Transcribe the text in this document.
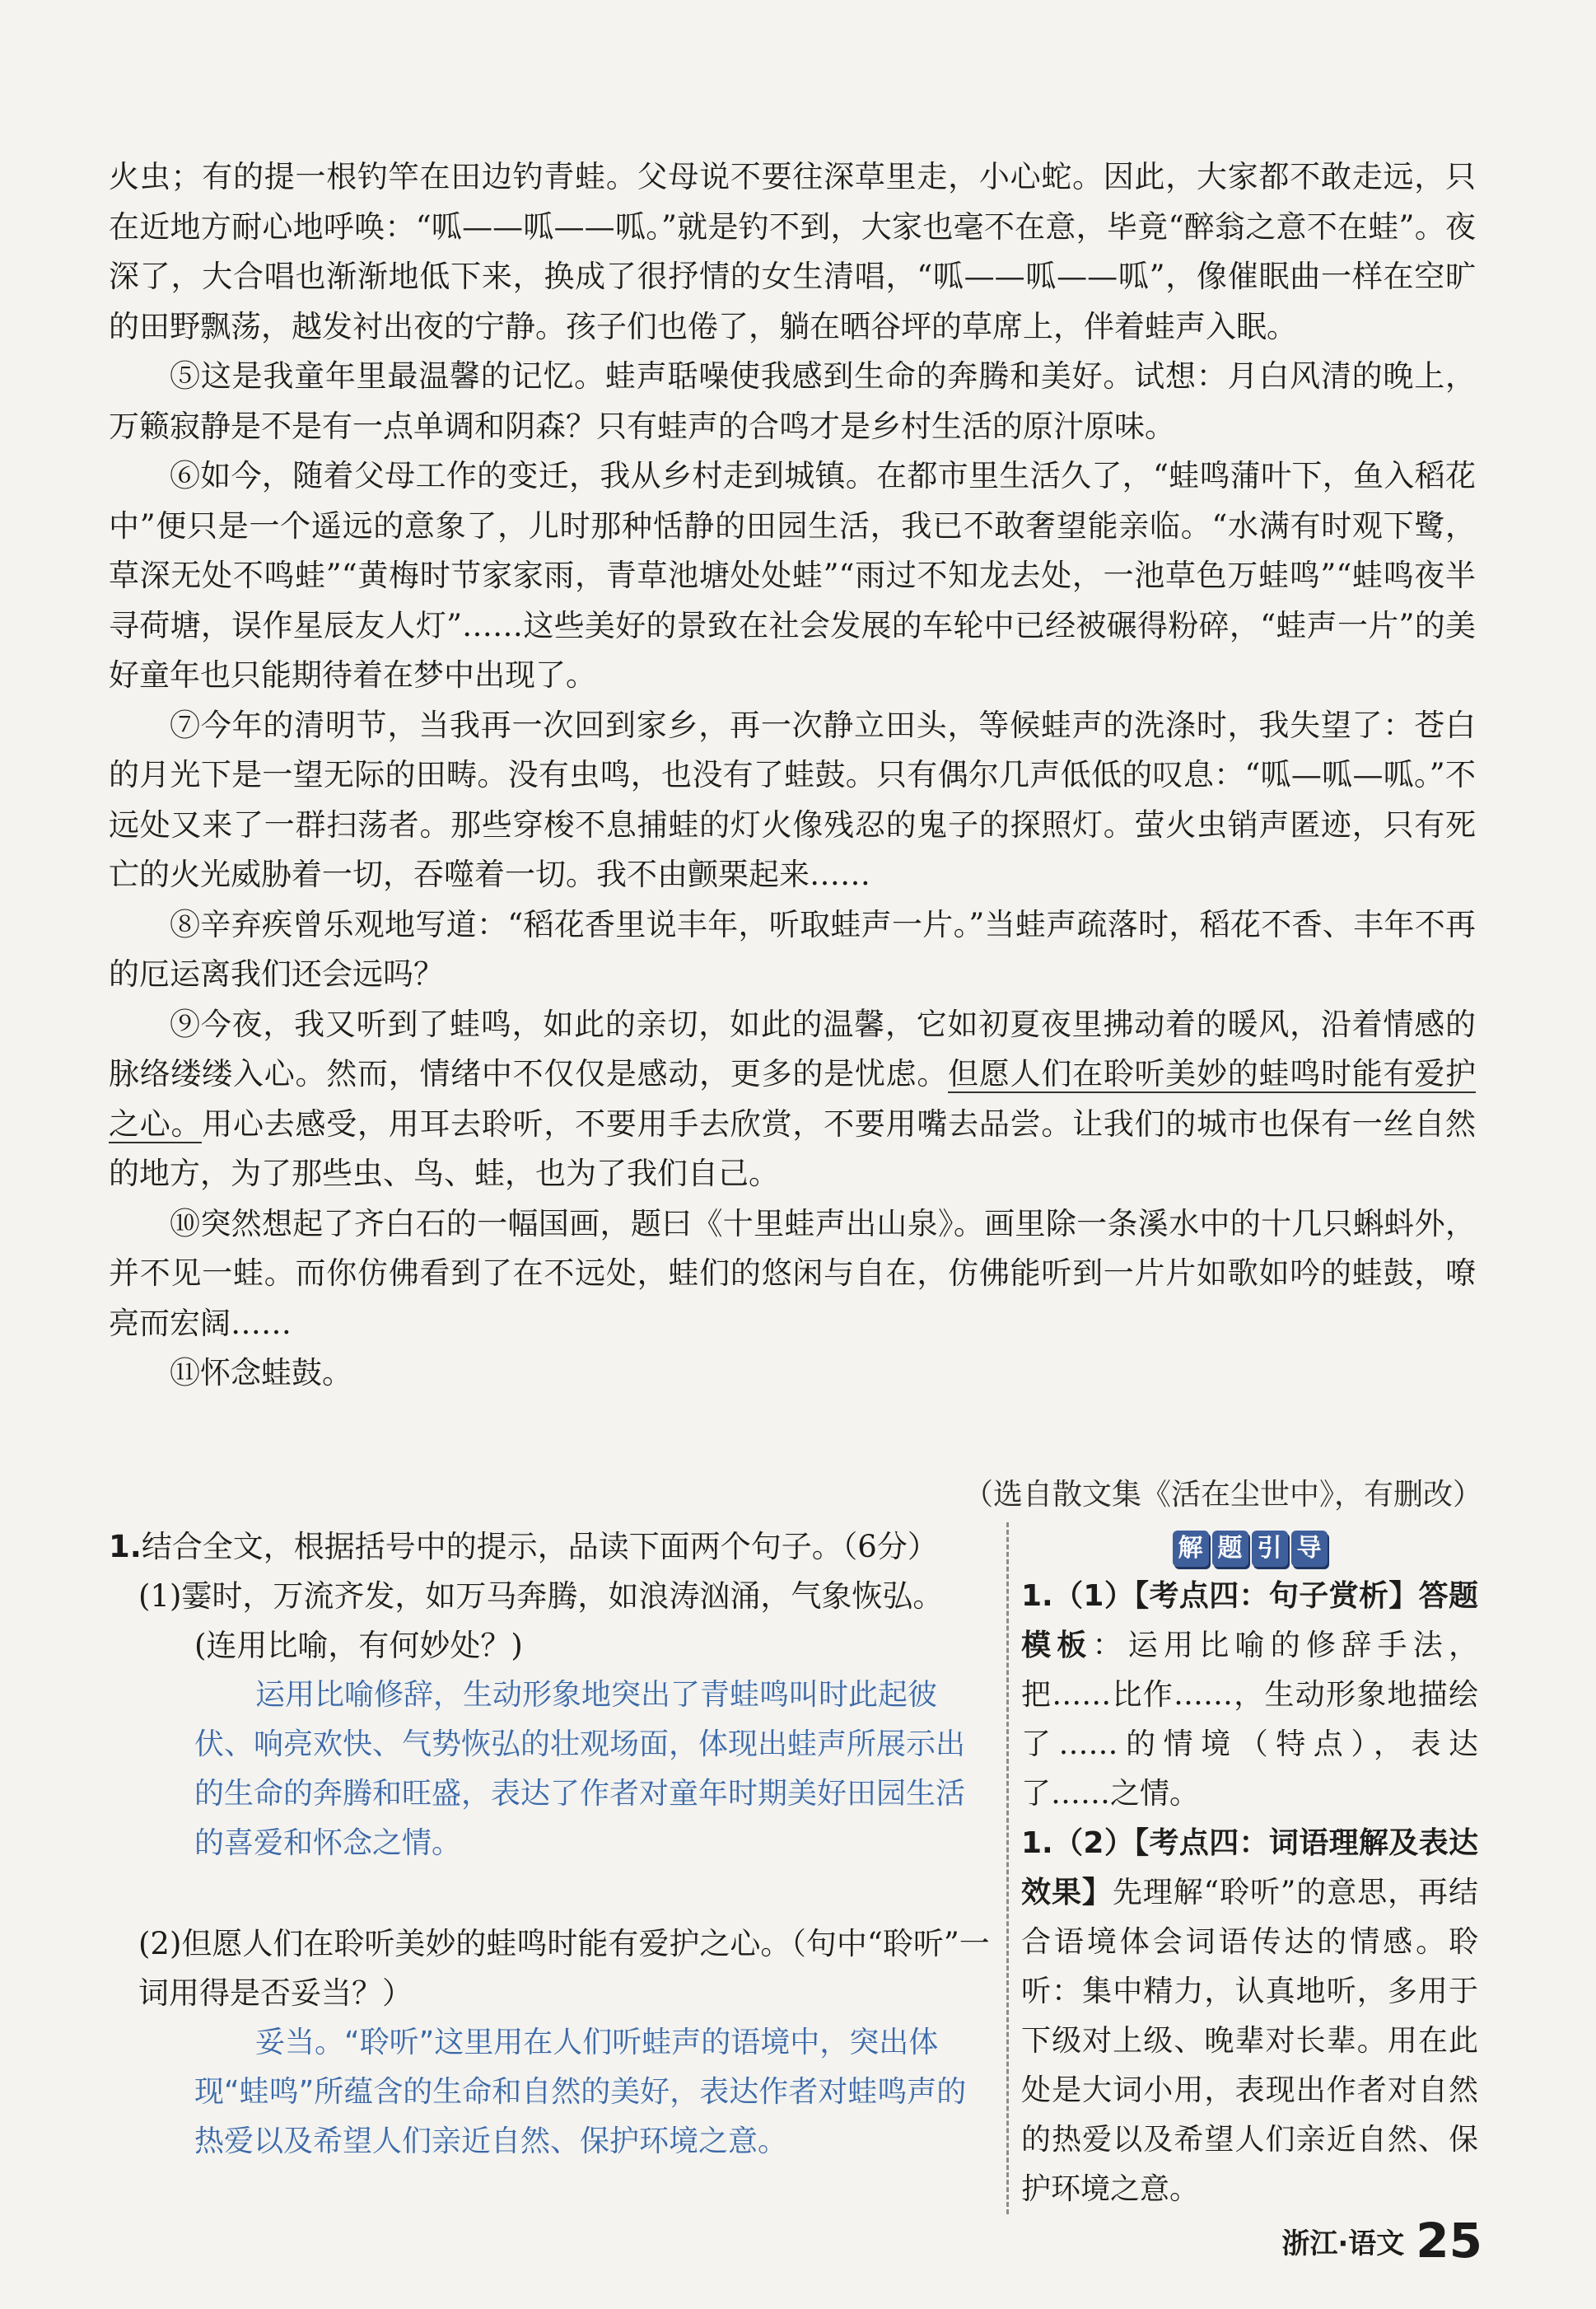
火虫；有的提一根钓竿在田边钓青蛙。父母说不要往深草里走，小心蛇。因此，大家都不敢走远，只在近地方耐心地呼唤：“呱——呱——呱。”就是钓不到，大家也毫不在意，毕竟“醉翁之意不在蛙”。夜深了，大合唱也渐渐地低下来，换成了很抒情的女生清唱，“呱——呱——呱”，像催眠曲一样在空旷的田野飘荡，越发衬出夜的宁静。孩子们也倦了，躺在晒谷坪的草席上，伴着蛙声入眠。

⑤这是我童年里最温馨的记忆。蛙声聒噪使我感到生命的奔腾和美好。试想：月白风清的晚上，万籁寂静是不是有一点单调和阴森？只有蛙声的合鸣才是乡村生活的原汁原味。

⑥如今，随着父母工作的变迁，我从乡村走到城镇。在都市里生活久了，“蛙鸣蒲叶下，鱼入稻花中”便只是一个遥远的意象了，儿时那种恬静的田园生活，我已不敢奢望能亲临。“水满有时观下鹭，草深无处不鸣蛙”“黄梅时节家家雨，青草池塘处处蛙”“雨过不知龙去处，一池草色万蛙鸣”“蛙鸣夜半寻荷塘，误作星辰友人灯”……这些美好的景致在社会发展的车轮中已经被碾得粉碎，“蛙声一片”的美好童年也只能期待着在梦中出现了。

⑦今年的清明节，当我再一次回到家乡，再一次静立田头，等候蛙声的洗涤时，我失望了：苍白的月光下是一望无际的田畴。没有虫鸣，也没有了蛙鼓。只有偶尔几声低低的叹息：“呱—呱—呱。”不远处又来了一群扫荡者。那些穿梭不息捕蛙的灯火像残忍的鬼子的探照灯。萤火虫销声匿迹，只有死亡的火光威胁着一切，吞噬着一切。我不由颤栗起来……

⑧辛弃疾曾乐观地写道：“稻花香里说丰年，听取蛙声一片。”当蛙声疏落时，稻花不香、丰年不再的厄运离我们还会远吗？

⑨今夜，我又听到了蛙鸣，如此的亲切，如此的温馨，它如初夏夜里拂动着的暖风，沿着情感的脉络缕缕入心。然而，情绪中不仅仅是感动，更多的是忧虑。但愿人们在聆听美妙的蛙鸣时能有爱护之心。用心去感受，用耳去聆听，不要用手去欣赏，不要用嘴去品尝。让我们的城市也保有一丝自然的地方，为了那些虫、鸟、蛙，也为了我们自己。

⑩突然想起了齐白石的一幅国画，题曰《十里蛙声出山泉》。画里除一条溪水中的十几只蝌蚪外，并不见一蛙。而你仿佛看到了在不远处，蛙们的悠闲与自在，仿佛能听到一片片如歌如吟的蛙鼓，嘹亮而宏阔……

⑪怀念蛙鼓。

（选自散文集《活在尘世中》，有删改）

1.结合全文，根据括号中的提示，品读下面两个句子。（6分）

(1)霎时，万流齐发，如万马奔腾，如浪涛汹涌，气象恢弘。

(连用比喻，有何妙处？)

运用比喻修辞，生动形象地突出了青蛙鸣叫时此起彼伏、响亮欢快、气势恢弘的壮观场面，体现出蛙声所展示出的生命的奔腾和旺盛，表达了作者对童年时期美好田园生活的喜爱和怀念之情。

(2)但愿人们在聆听美妙的蛙鸣时能有爱护之心。（句中“聆听”一词用得是否妥当？）

妥当。“聆听”这里用在人们听蛙声的语境中，突出体现“蛙鸣”所蕴含的生命和自然的美好，表达作者对蛙鸣声的热爱以及希望人们亲近自然、保护环境之意。

解 题 引 导

1.（1）【考点四：句子赏析】答题模板：运用比喻的修辞手法，把……比作……，生动形象地描绘了……的情境（特点），表达了……之情。

1.（2）【考点四：词语理解及表达效果】先理解“聆听”的意思，再结合语境体会词语传达的情感。聆听：集中精力，认真地听，多用于下级对上级、晚辈对长辈。用在此处是大词小用，表现出作者对自然的热爱以及希望人们亲近自然、保护环境之意。

浙江·语文 25
